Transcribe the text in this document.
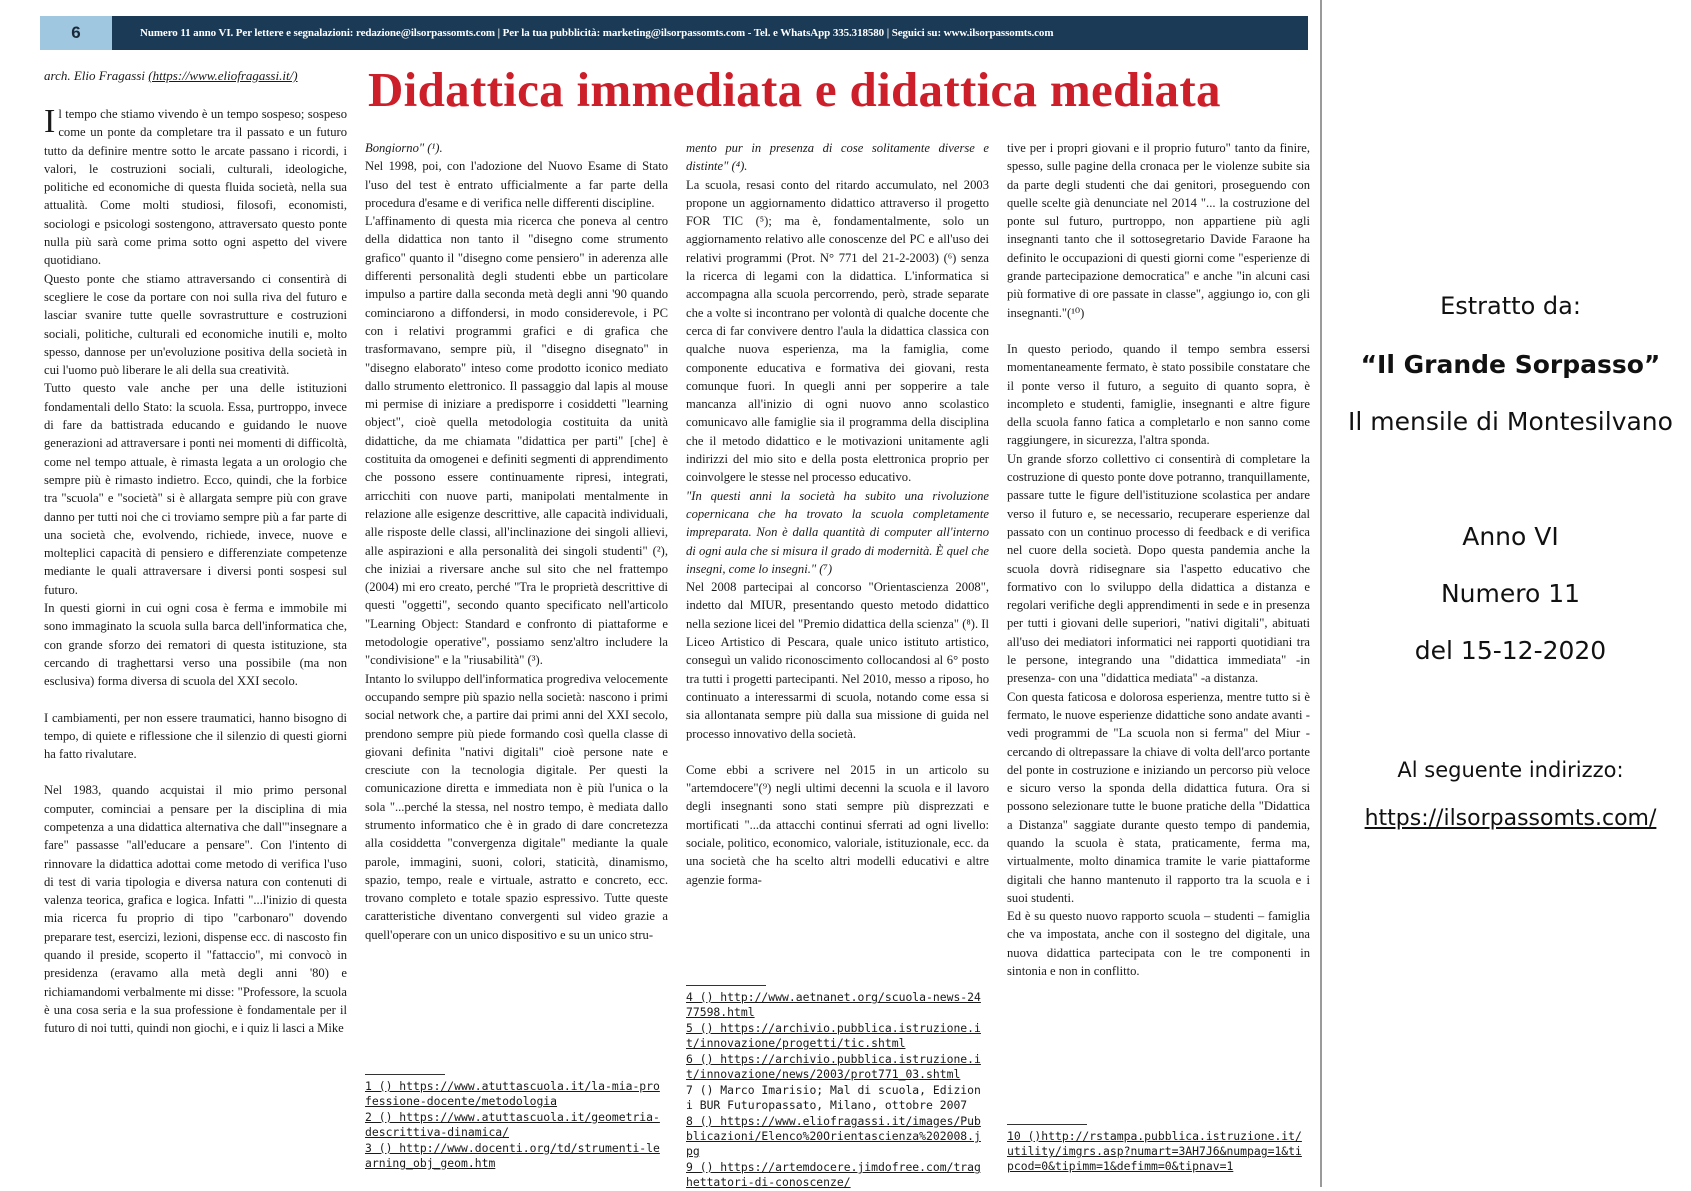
6	Numero 11 anno VI. Per lettere e segnalazioni: redazione@ilsorpassomts.com | Per la tua pubblicità: marketing@ilsorpassomts.com - Tel. e WhatsApp 335.318580 | Seguici su: www.ilsorpassomts.com
arch. Elio Fragassi (https://www.eliofragassi.it/) Didattica immediata e didattica mediata

Il tempo che stiamo vivendo è un tempo sospeso; sospeso come un ponte da completare tra il passato e un futuro tutto da definire mentre sotto le arcate passano i ricordi, i valori, le costruzioni sociali, culturali, ideologiche, politiche ed economiche di questa fluida società, nella sua attualità. Come molti studiosi, filosofi, economisti, sociologi e psicologi sostengono, attraversato questo ponte nulla più sarà come prima sotto ogni aspetto del vivere quotidiano.

Questo ponte che stiamo attraversando ci consentirà di scegliere le cose da portare con noi sulla riva del futuro e lasciar svanire tutte quelle sovrastrutture e costruzioni sociali, politiche, culturali ed economiche inutili e, molto spesso, dannose per un'evoluzione positiva della società in cui l'uomo può liberare le ali della sua creatività.

Tutto questo vale anche per una delle istituzioni fondamentali dello Stato: la scuola. Essa, purtroppo, invece di fare da battistrada educando e guidando le nuove generazioni ad attraversare i ponti nei momenti di difficoltà, come nel tempo attuale, è rimasta legata a un orologio che sempre più è rimasto indietro. Ecco, quindi, che la forbice tra "scuola" e "società" si è allargata sempre più con grave danno per tutti noi che ci troviamo sempre più a far parte di una società che, evolvendo, richiede, invece, nuove e molteplici capacità di pensiero e differenziate competenze mediante le quali attraversare i diversi ponti sospesi sul futuro.

In questi giorni in cui ogni cosa è ferma e immobile mi sono immaginato la scuola sulla barca dell'informatica che, con grande sforzo dei rematori di questa istituzione, sta cercando di traghettarsi verso una possibile (ma non esclusiva) forma diversa di scuola del XXI secolo.

I cambiamenti, per non essere traumatici, hanno bisogno di tempo, di quiete e riflessione che il silenzio di questi giorni ha fatto rivalutare.

Nel 1983, quando acquistai il mio primo personal computer, cominciai a pensare per la disciplina di mia competenza a una didattica alternativa che dall'"insegnare a fare" passasse "all'educare a pensare". Con l'intento di rinnovare la didattica adottai come metodo di verifica l'uso di test di varia tipologia e diversa natura con contenuti di valenza teorica, grafica e logica. Infatti "...l'inizio di questa mia ricerca fu proprio di tipo "carbonaro" dovendo preparare test, esercizi, lezioni, dispense ecc. di nascosto fin quando il preside, scoperto il "fattaccio", mi convocò in presidenza (eravamo alla metà degli anni '80) e richiamandomi verbalmente mi disse: "Professore, la scuola è una cosa seria e la sua professione è fondamentale per il futuro di noi tutti, quindi non giochi, e i quiz li lasci a Mike

Bongiorno" (¹).

Nel 1998, poi, con l'adozione del Nuovo Esame di Stato l'uso del test è entrato ufficialmente a far parte della procedura d'esame e di verifica nelle differenti discipline.

L'affinamento di questa mia ricerca che poneva al centro della didattica non tanto il "disegno come strumento grafico" quanto il "disegno come pensiero" in aderenza alle differenti personalità degli studenti ebbe un particolare impulso a partire dalla seconda metà degli anni '90 quando cominciarono a diffondersi, in modo considerevole, i PC con i relativi programmi grafici e di grafica che trasformavano, sempre più, il "disegno disegnato" in "disegno elaborato" inteso come prodotto iconico mediato dallo strumento elettronico. Il passaggio dal lapis al mouse mi permise di iniziare a predisporre i cosiddetti "learning object", cioè quella metodologia costituita da unità didattiche, da me chiamata "didattica per parti" [che] è costituita da omogenei e definiti segmenti di apprendimento che possono essere continuamente ripresi, integrati, arricchiti con nuove parti, manipolati mentalmente in relazione alle esigenze descrittive, alle capacità individuali, alle risposte delle classi, all'inclinazione dei singoli allievi, alle aspirazioni e alla personalità dei singoli studenti" (²), che iniziai a riversare anche sul sito che nel frattempo (2004) mi ero creato, perché "Tra le proprietà descrittive di questi "oggetti", secondo quanto specificato nell'articolo "Learning Object: Standard e confronto di piattaforme e metodologie operative", possiamo senz'altro includere la "condivisione" e la "riusabilità" (³).

Intanto lo sviluppo dell'informatica progrediva velocemente occupando sempre più spazio nella società: nascono i primi social network che, a partire dai primi anni del XXI secolo, prendono sempre più piede formando così quella classe di giovani definita "nativi digitali" cioè persone nate e cresciute con la tecnologia digitale. Per questi la comunicazione diretta e immediata non è più l'unica o la sola "...perché la stessa, nel nostro tempo, è mediata dallo strumento informatico che è in grado di dare concretezza alla cosiddetta "convergenza digitale" mediante la quale parole, immagini, suoni, colori, staticità, dinamismo, spazio, tempo, reale e virtuale, astratto e concreto, ecc. trovano completo e totale spazio espressivo. Tutte queste caratteristiche diventano convergenti sul video grazie a quell'operare con un unico dispositivo e su un unico stru-

mento pur in presenza di cose solitamente diverse e distinte" (⁴).

La scuola, resasi conto del ritardo accumulato, nel 2003 propone un aggiornamento didattico attraverso il progetto FOR TIC (⁵); ma è, fondamentalmente, solo un aggiornamento relativo alle conoscenze del PC e all'uso dei relativi programmi (Prot. N° 771 del 21-2-2003) (⁶) senza la ricerca di legami con la didattica. L'informatica si accompagna alla scuola percorrendo, però, strade separate che a volte si incontrano per volontà di qualche docente che cerca di far convivere dentro l'aula la didattica classica con qualche nuova esperienza, ma la famiglia, come componente educativa e formativa dei giovani, resta comunque fuori. In quegli anni per sopperire a tale mancanza all'inizio di ogni nuovo anno scolastico comunicavo alle famiglie sia il programma della disciplina che il metodo didattico e le motivazioni unitamente agli indirizzi del mio sito e della posta elettronica proprio per coinvolgere le stesse nel processo educativo.

"In questi anni la società ha subito una rivoluzione copernicana che ha trovato la scuola completamente impreparata. Non è dalla quantità di computer all'interno di ogni aula che si misura il grado di modernità. È quel che insegni, come lo insegni." (⁷)

Nel 2008 partecipai al concorso "Orientascienza 2008", indetto dal MIUR, presentando questo metodo didattico nella sezione licei del "Premio didattica della scienza" (⁸). Il Liceo Artistico di Pescara, quale unico istituto artistico, conseguì un valido riconoscimento collocandosi al 6° posto tra tutti i progetti partecipanti. Nel 2010, messo a riposo, ho continuato a interessarmi di scuola, notando come essa si sia allontanata sempre più dalla sua missione di guida nel processo innovativo della società.

Come ebbi a scrivere nel 2015 in un articolo su "artemdocere"(⁹) negli ultimi decenni la scuola e il lavoro degli insegnanti sono stati sempre più disprezzati e mortificati "...da attacchi continui sferrati ad ogni livello: sociale, politico, economico, valoriale, istituzionale, ecc. da una società che ha scelto altri modelli educativi e altre agenzie forma-

tive per i propri giovani e il proprio futuro" tanto da finire, spesso, sulle pagine della cronaca per le violenze subite sia da parte degli studenti che dai genitori, proseguendo con quelle scelte già denunciate nel 2014 "... la costruzione del ponte sul futuro, purtroppo, non appartiene più agli insegnanti tanto che il sottosegretario Davide Faraone ha definito le occupazioni di questi giorni come "esperienze di grande partecipazione democratica" e anche "in alcuni casi più formative di ore passate in classe", aggiungo io, con gli insegnanti."(¹⁰)

In questo periodo, quando il tempo sembra essersi momentaneamente fermato, è stato possibile constatare che il ponte verso il futuro, a seguito di quanto sopra, è incompleto e studenti, famiglie, insegnanti e altre figure della scuola fanno fatica a completarlo e non sanno come raggiungere, in sicurezza, l'altra sponda.

Un grande sforzo collettivo ci consentirà di completare la costruzione di questo ponte dove potranno, tranquillamente, passare tutte le figure dell'istituzione scolastica per andare verso il futuro e, se necessario, recuperare esperienze dal passato con un continuo processo di feedback e di verifica nel cuore della società. Dopo questa pandemia anche la scuola dovrà ridisegnare sia l'aspetto educativo che formativo con lo sviluppo della didattica a distanza e regolari verifiche degli apprendimenti in sede e in presenza per tutti i giovani delle superiori, "nativi digitali", abituati all'uso dei mediatori informatici nei rapporti quotidiani tra le persone, integrando una "didattica immediata" -in presenza- con una "didattica mediata" -a distanza.

Con questa faticosa e dolorosa esperienza, mentre tutto si è fermato, le nuove esperienze didattiche sono andate avanti - vedi programmi de "La scuola non si ferma" del Miur - cercando di oltrepassare la chiave di volta dell'arco portante del ponte in costruzione e iniziando un percorso più veloce e sicuro verso la sponda della didattica futura. Ora si possono selezionare tutte le buone pratiche della "Didattica a Distanza" saggiate durante questo tempo di pandemia, quando la scuola è stata, praticamente, ferma ma, virtualmente, molto dinamica tramite le varie piattaforme digitali che hanno mantenuto il rapporto tra la scuola e i suoi studenti.

Ed è su questo nuovo rapporto scuola – studenti – famiglia che va impostata, anche con il sostegno del digitale, una nuova didattica partecipata con le tre componenti in sintonia e non in conflitto.

1 () https://www.atuttascuola.it/la-mia-professione-docente/metodologia
2 () https://www.atuttascuola.it/geometria-descrittiva-dinamica/
3 () http://www.docenti.org/td/strumenti-learning_obj_geom.htm
4 () http://www.aetnanet.org/scuola-news-2477598.html
5 () https://archivio.pubblica.istruzione.it/innovazione/progetti/tic.shtml
6 () https://archivio.pubblica.istruzione.it/innovazione/news/2003/prot771_03.shtml
7 () Marco Imarisio; Mal di scuola, Edizioni BUR Futuropassato, Milano, ottobre 2007
8 () https://www.eliofragassi.it/images/Pubblicazioni/Elenco%20Orientascienza%202008.jpg
9 () https://artemdocere.jimdofree.com/traghettatori-di-conoscenze/
10 ()http://rstampa.pubblica.istruzione.it/utility/imgrs.asp?numart=3AH7J6&numpag=1&tipcod=0&tipimm=1&defimm=0&tipnav=1
Estratto da:
“Il Grande Sorpasso”
Il mensile di Montesilvano
Anno VI
Numero 11
del 15-12-2020
Al seguente indirizzo:
https://ilsorpassomts.com/
